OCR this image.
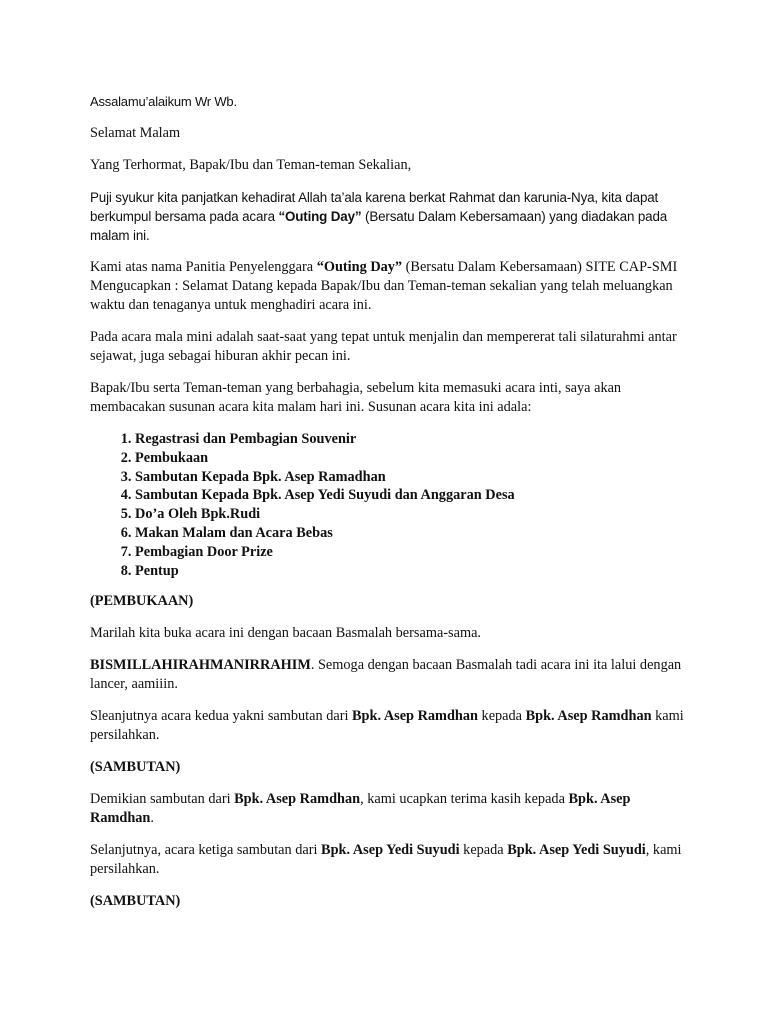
Assalamu’alaikum Wr Wb.

Selamat Malam

Yang Terhormat, Bapak/Ibu dan Teman-teman Sekalian,

Puji syukur kita panjatkan kehadirat Allah ta’ala karena berkat Rahmat dan karunia-Nya, kita dapat berkumpul bersama pada acara “Outing Day” (Bersatu Dalam Kebersamaan) yang diadakan pada malam ini.

Kami atas nama Panitia Penyelenggara “Outing Day” (Bersatu Dalam Kebersamaan) SITE CAP-SMI Mengucapkan : Selamat Datang kepada Bapak/Ibu dan Teman-teman sekalian yang telah meluangkan waktu dan tenaganya untuk menghadiri acara ini.

Pada acara mala mini adalah saat-saat yang tepat untuk menjalin dan mempererat tali silaturahmi antar sejawat, juga sebagai hiburan akhir pecan ini.

Bapak/Ibu serta Teman-teman yang berbahagia, sebelum kita memasuki acara inti, saya akan membacakan susunan acara kita malam hari ini. Susunan acara kita ini adala:

1. Regastrasi dan Pembagian Souvenir
2. Pembukaan
3. Sambutan Kepada Bpk. Asep Ramadhan
4. Sambutan Kepada Bpk. Asep Yedi Suyudi dan Anggaran Desa
5. Do’a Oleh Bpk.Rudi
6. Makan Malam dan Acara Bebas
7. Pembagian Door Prize
8. Pentup

(PEMBUKAAN)

Marilah kita buka acara ini dengan bacaan Basmalah bersama-sama.

BISMILLAHIRAHMANIRRAHIM. Semoga dengan bacaan Basmalah tadi acara ini ita lalui dengan lancer, aamiiin.

Sleanjutnya acara kedua yakni sambutan dari Bpk. Asep Ramdhan kepada Bpk. Asep Ramdhan kami persilahkan.

(SAMBUTAN)

Demikian sambutan dari Bpk. Asep Ramdhan, kami ucapkan terima kasih kepada Bpk. Asep Ramdhan.

Selanjutnya, acara ketiga sambutan dari Bpk. Asep Yedi Suyudi kepada Bpk. Asep Yedi Suyudi, kami persilahkan.

(SAMBUTAN)
